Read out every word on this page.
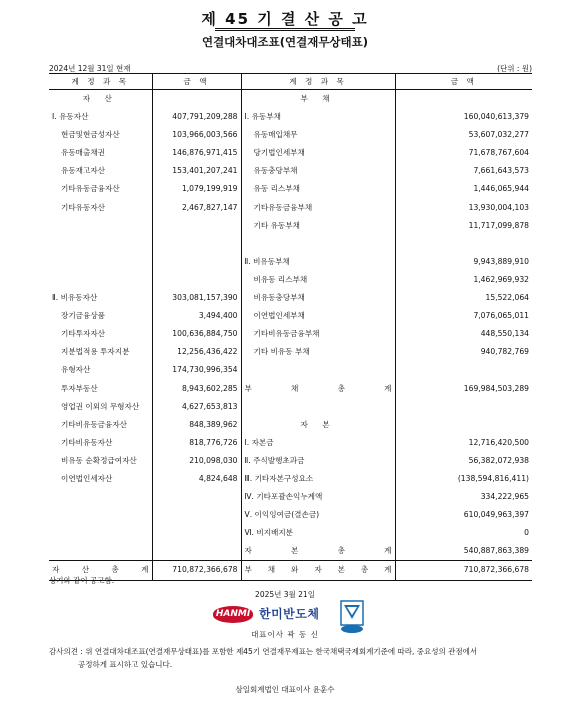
제 45 기 결 산 공 고
연결대차대조표(연결재무상태표)
2024년 12월 31일 현재	(단위 : 원)
계 정 과 목	금 액	계 정 과 목	금 액
자 산		부 채	
I. 유동자산	407,791,209,288	I. 유동부채	160,040,613,379
현금및현금성자산	103,966,003,566	유동매입채무	53,607,032,277
유동매출채권	146,876,971,415	당기법인세부채	71,678,767,604
유동재고자산	153,401,207,241	유동충당부채	7,661,643,573
기타유동금융자산	1,079,199,919	유동 리스부채	1,446,065,944
기타유동자산	2,467,827,147	기타유동금융부채	13,930,004,103
		기타 유동부채	11,717,099,878

		Ⅱ. 비유동부채	9,943,889,910
		비유동 리스부채	1,462,969,932
Ⅱ. 비유동자산	303,081,157,390	비유동충당부채	15,522,064
장기금융상품	3,494,400	이연법인세부채	7,076,065,011
기타투자자산	100,636,884,750	기타비유동금융부채	448,550,134
지분법적용 투자지분	12,256,436,422	기타 비유동 부채	940,782,769
유형자산	174,730,996,354		
투자부동산	8,943,602,285	부 채 총 계	169,984,503,289
영업권 이외의 무형자산	4,627,653,813		
기타비유동금융자산	848,389,962	자 본	
기타비유동자산	818,776,726	I. 자본금	12,716,420,500
비유동 순확정급여자산	210,098,030	Ⅱ. 주식발행초과금	56,382,072,938
이연법인세자산	4,824,648	Ⅲ. 기타자본구성요소	(138,594,816,411)
		Ⅳ. 기타포괄손익누계액	334,222,965
		Ⅴ. 이익잉여금(결손금)	610,049,963,397
		Ⅵ. 비지배지분	0
		자 본 총 계	540,887,863,389
자 산 총 계	710,872,366,678	부 채 와 자 본 총 계	710,872,366,678
상기와 같이 공고함.
2025년 3월 21일
HANMI 한미반도체
대표이사 곽 동 신
감사의견 : 위 연결대차대조표(연결재무상태표)를 포함한 제45기 연결재무제표는 한국채택국제회계기준에 따라, 중요성의 관점에서
공정하게 표시하고 있습니다.
삼일회계법인 대표이사 윤훈수
